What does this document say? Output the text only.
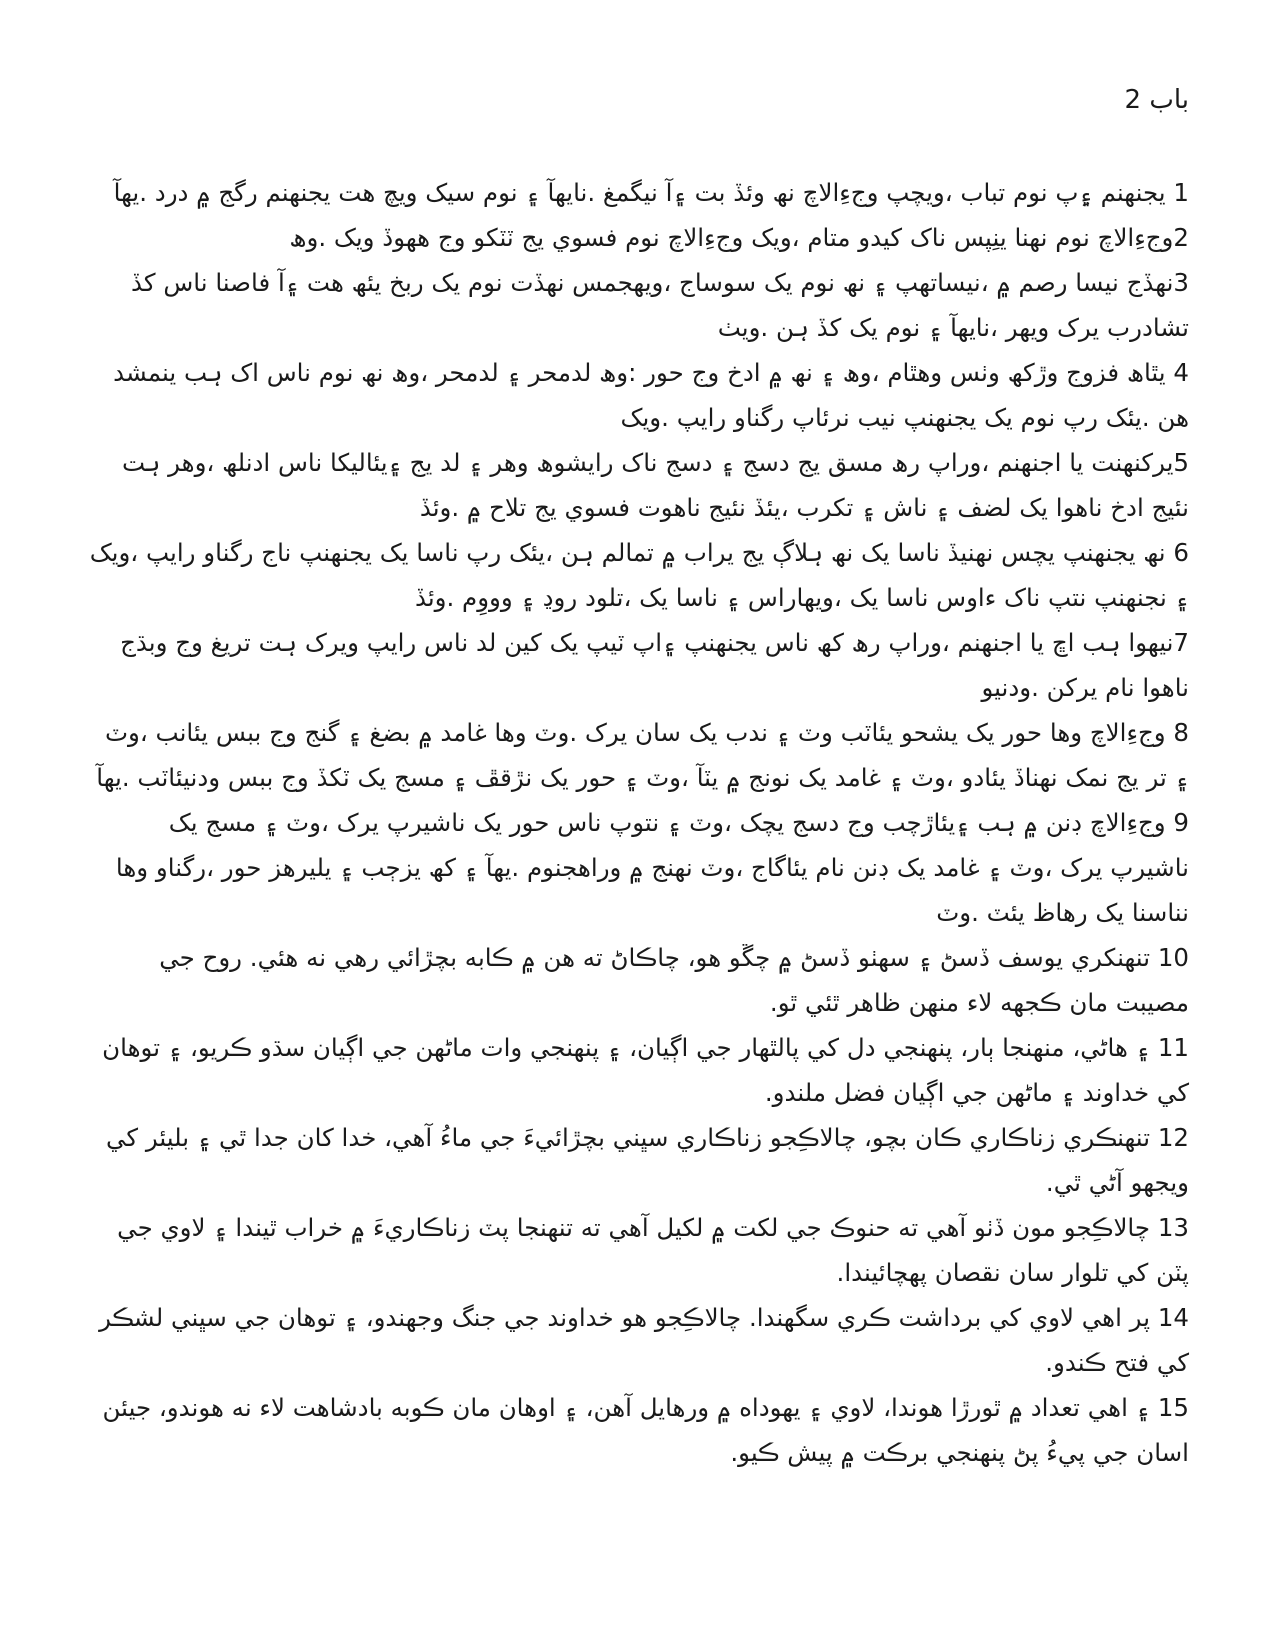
باب 2

1 يجنهنم ۽ِپ نوم تباب ،ويچپ وجءِالاچ نھ وئڏ بت ۽آ نيگمغ .نايھآ ۽ نوم سيک ويچ ھت يجنھنم رگج ۾ درد .يھآ

2وجءِالاچ نوم نھنا ينِپس ناک کيدو متام ،ويک وجءِالاچ نوم فسوي يج ٽٽکو وج ھھوڏ ويک .وھ

3نھڏج نيسا رصم ۾ ،نيساتھپ ۽ نھ نوم يک سوساج ،ويھجمس نھڏت نوم يک ربخ يئھ ھت ۽آ فاصنا ناس کڏ تشادرب يرک ويھر ،نايھآ ۽ نوم يک کڏ ہن .ويٺ

4 يٿاھ فزوج وڙکھ وٺس وھٿام ،وھ ۽ نھ ۾ ادخ وج حور :وھ لدمحر ۽ لدمحر ،وھ نھ نوم ناس اک ہب ينمشد ھن .يئک رپ نوم يک يجنھنپ نيب نرئاپ رگناو رايپ .ويک

5يرکنھنت يا اجنھنم ،وراپ رھ مسق يج دسج ۽ دسج ناک رايشوھ وھر ۽ لد يج ۽يئاليکا ناس ادنلھ ،وھر ہت نئيج ادخ ناھوا يک لضف ۽ ناش ۽ تکرب ،يئڏ نئيج ناھوت فسوي يج تلاح ۾ .وئڏ

6 نھ يجنھنپ يچس نھنيڏ ناسا يک نھ ہلاڳ يج يراب ۾ تمالم ہن ،يئک رپ ناسا يک يجنھنپ ناج رگناو رايپ ،ويک ۽ نجنھنپ نتپ ناک ءاوس ناسا يک ،ويھاراس ۽ ناسا يک ،تلود روڍ ۽ وووِم .وئڏ

7نيھوا ہب اڇ يا اجنھنم ،وراپ رھ کھ ناس يجنھنپ ۽اپ ٽيپ يک کين لد ناس رايپ ويرک ہت تريغ وج وبڌج ناھوا نام يرکن .ودنيو

8 وجءِالاچ وھا حور يک يشحو يئاٽب وٽ ۽ ندب يک سان يرک .وٽ وھا غامد ۾ بضغ ۽ گنج وج ببس يئانب ،وٽ ۽ تر يج نمک نھناڏ يئادو ،وٽ ۽ غامد يک نونج ۾ يٽآ ،وٽ ۽ حور يک نڙقڦ ۽ مسج يک ٽکڏ وج ببس ودنيئاٽب .يھآ

9 وجءِالاچ ڊنن ۾ ہب ۽يئاڙچب وج دسج يچک ،وٽ ۽ نتوپ ناس حور يک ناشيرپ يرک ،وٽ ۽ مسج يک ناشيرپ يرک ،وٽ ۽ غامد يک ڊنن نام يئاگاج ،وٽ نھنج ۾ وراھجنوم .يھآ ۽ کھ يزڄب ۽ يليرھز حور ،رگناو وھا نناسنا يک رھاظ يئٽ .وٽ

10 تنھنکري يوسف ڏسڻ ۽ سھٺو ڏسڻ ۾ چڱو ھو، چاڪاڻ ته ھن ۾ ڪابه بچڙائي رھي نه ھئي. روح جي مصيبت مان ڪجھه لاء منھن ظاھر ٿئي ٿو.

11 ۽ ھاڻي، منھنجا ٻار، پنھنجي دل کي پالٿھار جي اڳيان، ۽ پنھنجي وات ماڻھن جي اڳيان سڌو ڪريو، ۽ توھان کي خداوند ۽ ماڻھن جي اڳيان فضل ملندو.

12 تنھنڪري زناڪاري ڪان بچو، چالاڪِجو زناڪاري سڀني بچڙائيءَ جي ماءُ آھي، خدا کان جدا ٿي ۽ بليئر کي ويجھو آڻي ٿي.

13 چالاڪِجو مون ڏٺو آھي ته حنوڪ جي لکت ۾ لکيل آھي ته تنھنجا پٽ زناڪاريءَ ۾ خراب ٿيندا ۽ لاوي جي پٽن کي تلوار سان نقصان پھچائيندا.

14 پر اھي لاوي کي برداشت ڪري سگھندا. چالاڪِجو ھو خداوند جي جنگ وجھندو، ۽ توھان جي سڀني لشڪر کي فتح ڪندو.

15 ۽ اھي تعداد ۾ ٿورڙا ھوندا، لاوي ۽ يھوداه ۾ ورھايل آھن، ۽ اوھان مان ڪوبه بادشاھت لاء نه ھوندو، جيئن اسان جي پيءُ پڻ پنھنجي برڪت ۾ پيش ڪيو.
